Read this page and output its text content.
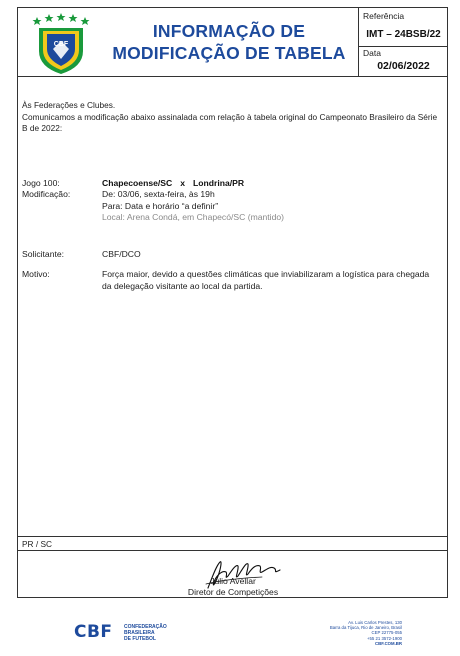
CBF
INFORMAÇÃO DE
MODIFICAÇÃO DE TABELA
Referência
IMT – 24BSB/22
Data
02/06/2022
Às Federações e Clubes.
Comunicamos a modificação abaixo assinalada com relação à tabela original do Campeonato Brasileiro da Série B de 2022:
Jogo 100:	Chapecoense/SC x Londrina/PR
Modificação:	De: 03/06, sexta-feira, às 19h
Para: Data e horário “a definir”
Local: Arena Condá, em Chapecó/SC (mantido)
Solicitante:	CBF/DCO
Motivo:	Força maior, devido a questões climáticas que inviabilizaram a logística para chegada da delegação visitante ao local da partida.
PR / SC
Julio Avellar
Diretor de Competições
CBF CONFEDERAÇÃO
BRASILEIRA
DE FUTEBOL
Av. Luis Carlos Prestes, 130
Barra da Tijuca, Rio de Janeiro, Brasil
CEP 22775-055
+55 21 3572-1900
CBF.COM.BR
